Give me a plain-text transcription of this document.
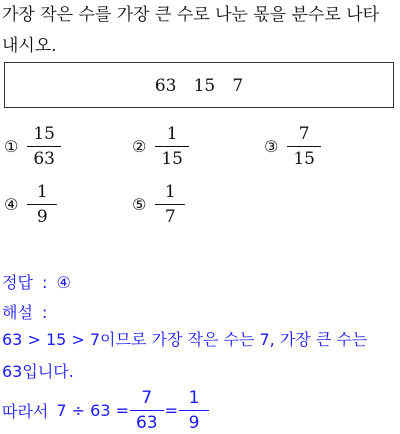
가장 작은 수를 가장 큰 수로 나눈 몫을 분수로 나타
내시오.
63 15 7
① $\frac{15}{63}$	② $\frac{1}{15}$	③ $\frac{7}{15}$
④ $\frac{1}{9}$	⑤ $\frac{1}{7}$
정답 : ④
해설 :
63 > 15 > 7이므로 가장 작은 수는 7, 가장 큰 수는
63입니다.
따라서 $7 \div 63 = \frac{7}{63} = \frac{1}{9}$
